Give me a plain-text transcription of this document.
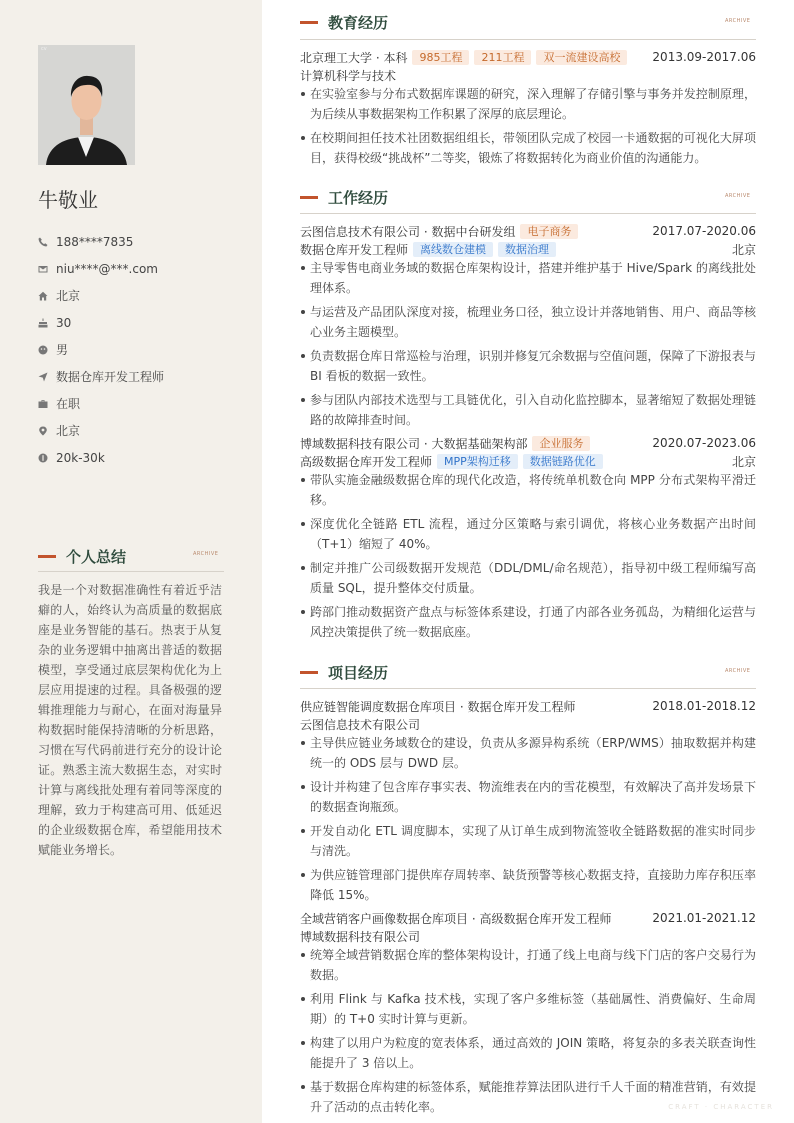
cv
牛敬业
188****7835
niu****@***.com
北京
30
男
数据仓库开发工程师
在职
北京
20k-30k
个人总结	ARCHIVE
我是一个对数据准确性有着近乎洁癖的人，始终认为高质量的数据底座是业务智能的基石。热衷于从复杂的业务逻辑中抽离出普适的数据模型，享受通过底层架构优化为上层应用提速的过程。具备极强的逻辑推理能力与耐心，在面对海量异构数据时能保持清晰的分析思路，习惯在写代码前进行充分的设计论证。熟悉主流大数据生态，对实时计算与离线批处理有着同等深度的理解，致力于构建高可用、低延迟的企业级数据仓库，希望能用技术赋能业务增长。
教育经历	ARCHIVE
北京理工大学 · 本科	985工程	211工程	双一流建设高校	2013.09-2017.06
计算机科学与技术
在实验室参与分布式数据库课题的研究，深入理解了存储引擎与事务并发控制原理，为后续从事数据架构工作积累了深厚的底层理论。
在校期间担任技术社团数据组组长，带领团队完成了校园一卡通数据的可视化大屏项目，获得校级“挑战杯”二等奖，锻炼了将数据转化为商业价值的沟通能力。
工作经历	ARCHIVE
云图信息技术有限公司 · 数据中台研发组	电子商务	2017.07-2020.06
数据仓库开发工程师	离线数仓建模	数据治理	北京
主导零售电商业务域的数据仓库架构设计，搭建并维护基于 Hive/Spark 的离线批处理体系。
与运营及产品团队深度对接，梳理业务口径，独立设计并落地销售、用户、商品等核心业务主题模型。
负责数据仓库日常巡检与治理，识别并修复冗余数据与空值问题，保障了下游报表与 BI 看板的数据一致性。
参与团队内部技术选型与工具链优化，引入自动化监控脚本，显著缩短了数据处理链路的故障排查时间。
博域数据科技有限公司 · 大数据基础架构部	企业服务	2020.07-2023.06
高级数据仓库开发工程师	MPP架构迁移	数据链路优化	北京
带队实施金融级数据仓库的现代化改造，将传统单机数仓向 MPP 分布式架构平滑迁移。
深度优化全链路 ETL 流程，通过分区策略与索引调优，将核心业务数据产出时间（T+1）缩短了 40%。
制定并推广公司级数据开发规范（DDL/DML/命名规范），指导初中级工程师编写高质量 SQL，提升整体交付质量。
跨部门推动数据资产盘点与标签体系建设，打通了内部各业务孤岛，为精细化运营与风控决策提供了统一数据底座。
项目经历	ARCHIVE
供应链智能调度数据仓库项目 · 数据仓库开发工程师	2018.01-2018.12
云图信息技术有限公司
主导供应链业务域数仓的建设，负责从多源异构系统（ERP/WMS）抽取数据并构建统一的 ODS 层与 DWD 层。
设计并构建了包含库存事实表、物流维表在内的雪花模型，有效解决了高并发场景下的数据查询瓶颈。
开发自动化 ETL 调度脚本，实现了从订单生成到物流签收全链路数据的准实时同步与清洗。
为供应链管理部门提供库存周转率、缺货预警等核心数据支持，直接助力库存积压率降低 15%。
全域营销客户画像数据仓库项目 · 高级数据仓库开发工程师	2021.01-2021.12
博域数据科技有限公司
统筹全域营销数据仓库的整体架构设计，打通了线上电商与线下门店的客户交易行为数据。
利用 Flink 与 Kafka 技术栈，实现了客户多维标签（基础属性、消费偏好、生命周期）的 T+0 实时计算与更新。
构建了以用户为粒度的宽表体系，通过高效的 JOIN 策略，将复杂的多表关联查询性能提升了 3 倍以上。
基于数据仓库构建的标签体系，赋能推荐算法团队进行千人千面的精准营销，有效提升了活动的点击转化率。	CRAFT · CHARACTER
